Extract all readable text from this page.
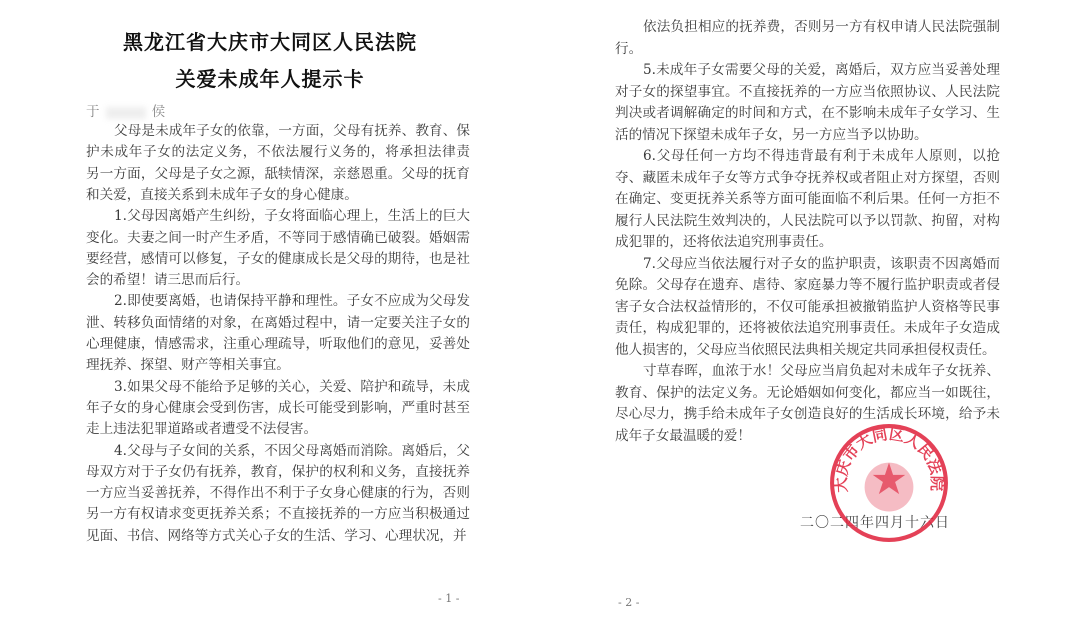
黑龙江省大庆市大同区人民法院
关爱未成年人提示卡
于	侯
父母是未成年子女的依靠，一方面，父母有抚养、教育、保
护未成年子女的法定义务，不依法履行义务的，将承担法律责
另一方面，父母是子女之源，舐犊情深，亲慈恩重。父母的抚育
和关爱，直接关系到未成年子女的身心健康。
1.父母因离婚产生纠纷，子女将面临心理上，生活上的巨大
变化。夫妻之间一时产生矛盾，不等同于感情确已破裂。婚姻需
要经营，感情可以修复，子女的健康成长是父母的期待，也是社
会的希望！请三思而后行。
2.即使要离婚，也请保持平静和理性。子女不应成为父母发
泄、转移负面情绪的对象，在离婚过程中，请一定要关注子女的
心理健康，情感需求，注重心理疏导，听取他们的意见，妥善处
理抚养、探望、财产等相关事宜。
3.如果父母不能给予足够的关心，关爱、陪护和疏导，未成
年子女的身心健康会受到伤害，成长可能受到影响，严重时甚至
走上违法犯罪道路或者遭受不法侵害。
4.父母与子女间的关系，不因父母离婚而消除。离婚后，父
母双方对于子女仍有抚养，教育，保护的权利和义务，直接抚养
一方应当妥善抚养，不得作出不利于子女身心健康的行为，否则
另一方有权请求变更抚养关系；不直接抚养的一方应当积极通过
见面、书信、网络等方式关心子女的生活、学习、心理状况，并
- 1 -
依法负担相应的抚养费，否则另一方有权申请人民法院强制
行。
5.未成年子女需要父母的关爱，离婚后，双方应当妥善处理
对子女的探望事宜。不直接抚养的一方应当依照协议、人民法院
判决或者调解确定的时间和方式，在不影响未成年子女学习、生
活的情况下探望未成年子女，另一方应当予以协助。
6.父母任何一方均不得违背最有利于未成年人原则，以抢
夺、藏匿未成年子女等方式争夺抚养权或者阻止对方探望，否则
在确定、变更抚养关系等方面可能面临不利后果。任何一方拒不
履行人民法院生效判决的，人民法院可以予以罚款、拘留，对构
成犯罪的，还将依法追究刑事责任。
7.父母应当依法履行对子女的监护职责，该职责不因离婚而
免除。父母存在遗弃、虐待、家庭暴力等不履行监护职责或者侵
害子女合法权益情形的，不仅可能承担被撤销监护人资格等民事
责任，构成犯罪的，还将被依法追究刑事责任。未成年子女造成
他人损害的，父母应当依照民法典相关规定共同承担侵权责任。
寸草春晖，血浓于水！父母应当肩负起对未成年子女抚养、
教育、保护的法定义务。无论婚姻如何变化，都应当一如既往，
尽心尽力，携手给未成年子女创造良好的生活成长环境，给予未
成年子女最温暖的爱！
- 2 -
二〇二四年四月十六日
大庆市大同区人民法院
